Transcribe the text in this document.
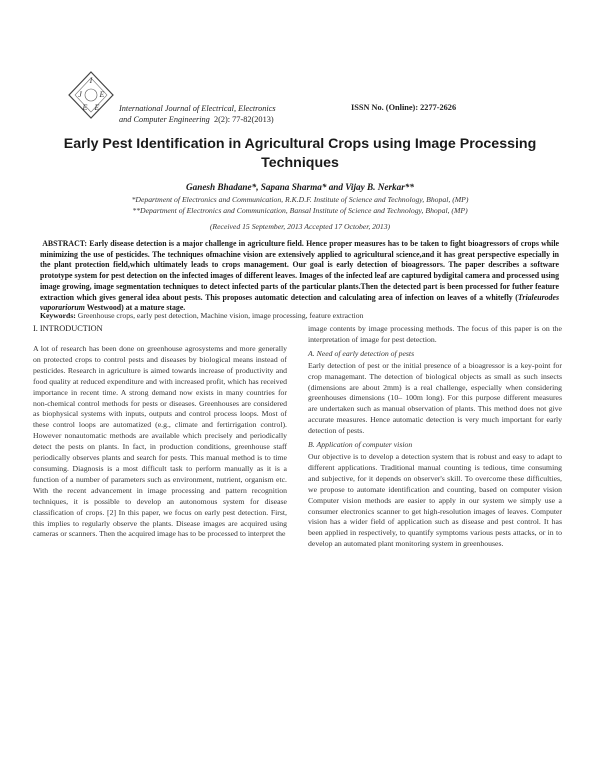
I
J E
E E International Journal of Electrical, Electronics
and Computer Engineering 2(2): 77-82(2013)
ISSN No. (Online): 2277-2626
Early Pest Identification in Agricultural Crops using Image Processing Techniques
Ganesh Bhadane*, Sapana Sharma* and Vijay B. Nerkar**
*Department of Electronics and Communication, R.K.D.F. Institute of Science and Technology, Bhopal, (MP)
**Department of Electronics and Communication, Bansal Institute of Science and Technology, Bhopal, (MP)
(Received 15 September, 2013 Accepted 17 October, 2013)
ABSTRACT: Early disease detection is a major challenge in agriculture field. Hence proper measures has to be taken to fight bioagressors of crops while minimizing the use of pesticides. The techniques ofmachine vision are extensively applied to agricultural science,and it has great perspective especially in the plant protection field,which ultimately leads to crops management. Our goal is early detection of bioagressors. The paper describes a software prototype system for pest detection on the infected images of different leaves. Images of the infected leaf are captured bydigital camera and processed using image growing, image segmentation techniques to detect infected parts of the particular plants.Then the detected part is been processed for futher feature extraction which gives general idea about pests. This proposes automatic detection and calculating area of infection on leaves of a whitefly (Trialeurodes vaporariorum Westwood) at a mature stage.
Keywords: Greenhouse crops, early pest detection, Machine vision, image processing, feature extraction

I. INTRODUCTION

A lot of research has been done on greenhouse agrosystems and more generally on protected crops to control pests and diseases by biological means instead of pesticides. Research in agriculture is aimed towards increase of productivity and food quality at reduced expenditure and with increased profit, which has received importance in recent time. A strong demand now exists in many countries for non-chemical control methods for pests or diseases. Greenhouses are considered as biophysical systems with inputs, outputs and control process loops. Most of these control loops are automatized (e.g., climate and fertirrigation control). However nonautomatic methods are available which precisely and periodically detect the pests on plants. In fact, in production conditions, greenhouse staff periodically observes plants and search for pests. This manual method is to time consuming. Diagnosis is a most difficult task to perform manually as it is a function of a number of parameters such as environment, nutrient, organism etc. With the recent advancement in image processing and pattern recognition techniques, it is possible to develop an autonomous system for disease classification of crops. [2] In this paper, we focus on early pest detection. First, this implies to regularly observe the plants. Disease images are acquired using cameras or scanners. Then the acquired image has to be processed to interpret the

image contents by image processing methods. The focus of this paper is on the interpretation of image for pest detection.

A. Need of early detection of pests

Early detection of pest or the initial presence of a bioagressor is a key-point for crop managemant. The detection of biological objects as small as such insects (dimensions are about 2mm) is a real challenge, especially when considering greenhouses dimensions (10– 100m long). For this purpose different measures are undertaken such as manual observation of plants. This method does not give accurate measures. Hence automatic detection is very much important for early detection of pests.

B. Application of computer vision

Our objective is to develop a detection system that is robust and easy to adapt to different applications. Traditional manual counting is tedious, time consuming and subjective, for it depends on observer's skill. To overcome these difficulties, we propose to automate identification and counting, based on computer vision Computer vision methods are easier to apply in our system we simply use a consumer electronics scanner to get high-resolution images of leaves. Computer vision has a wider field of application such as disease and pest control. It has been applied in respectively, to quantify symptoms various pests attacks, or in to develop an automated plant monitoring system in greenhouses.
